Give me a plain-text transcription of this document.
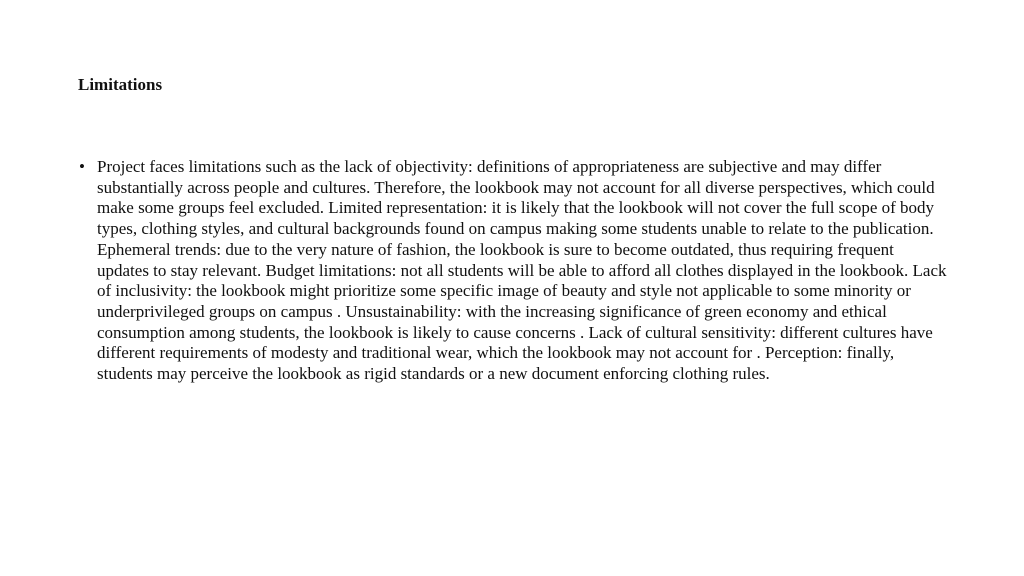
Limitations
• Project faces limitations such as the lack of objectivity: definitions of appropriateness are subjective and may differ substantially across people and cultures. Therefore, the lookbook may not account for all diverse perspectives, which could make some groups feel excluded. Limited representation: it is likely that the lookbook will not cover the full scope of body types, clothing styles, and cultural backgrounds found on campus making some students unable to relate to the publication. Ephemeral trends: due to the very nature of fashion, the lookbook is sure to become outdated, thus requiring frequent updates to stay relevant. Budget limitations: not all students will be able to afford all clothes displayed in the lookbook. Lack of inclusivity: the lookbook might prioritize some specific image of beauty and style not applicable to some minority or underprivileged groups on campus . Unsustainability: with the increasing significance of green economy and ethical consumption among students, the lookbook is likely to cause concerns . Lack of cultural sensitivity: different cultures have different requirements of modesty and traditional wear, which the lookbook may not account for . Perception: finally, students may perceive the lookbook as rigid standards or a new document enforcing clothing rules.
